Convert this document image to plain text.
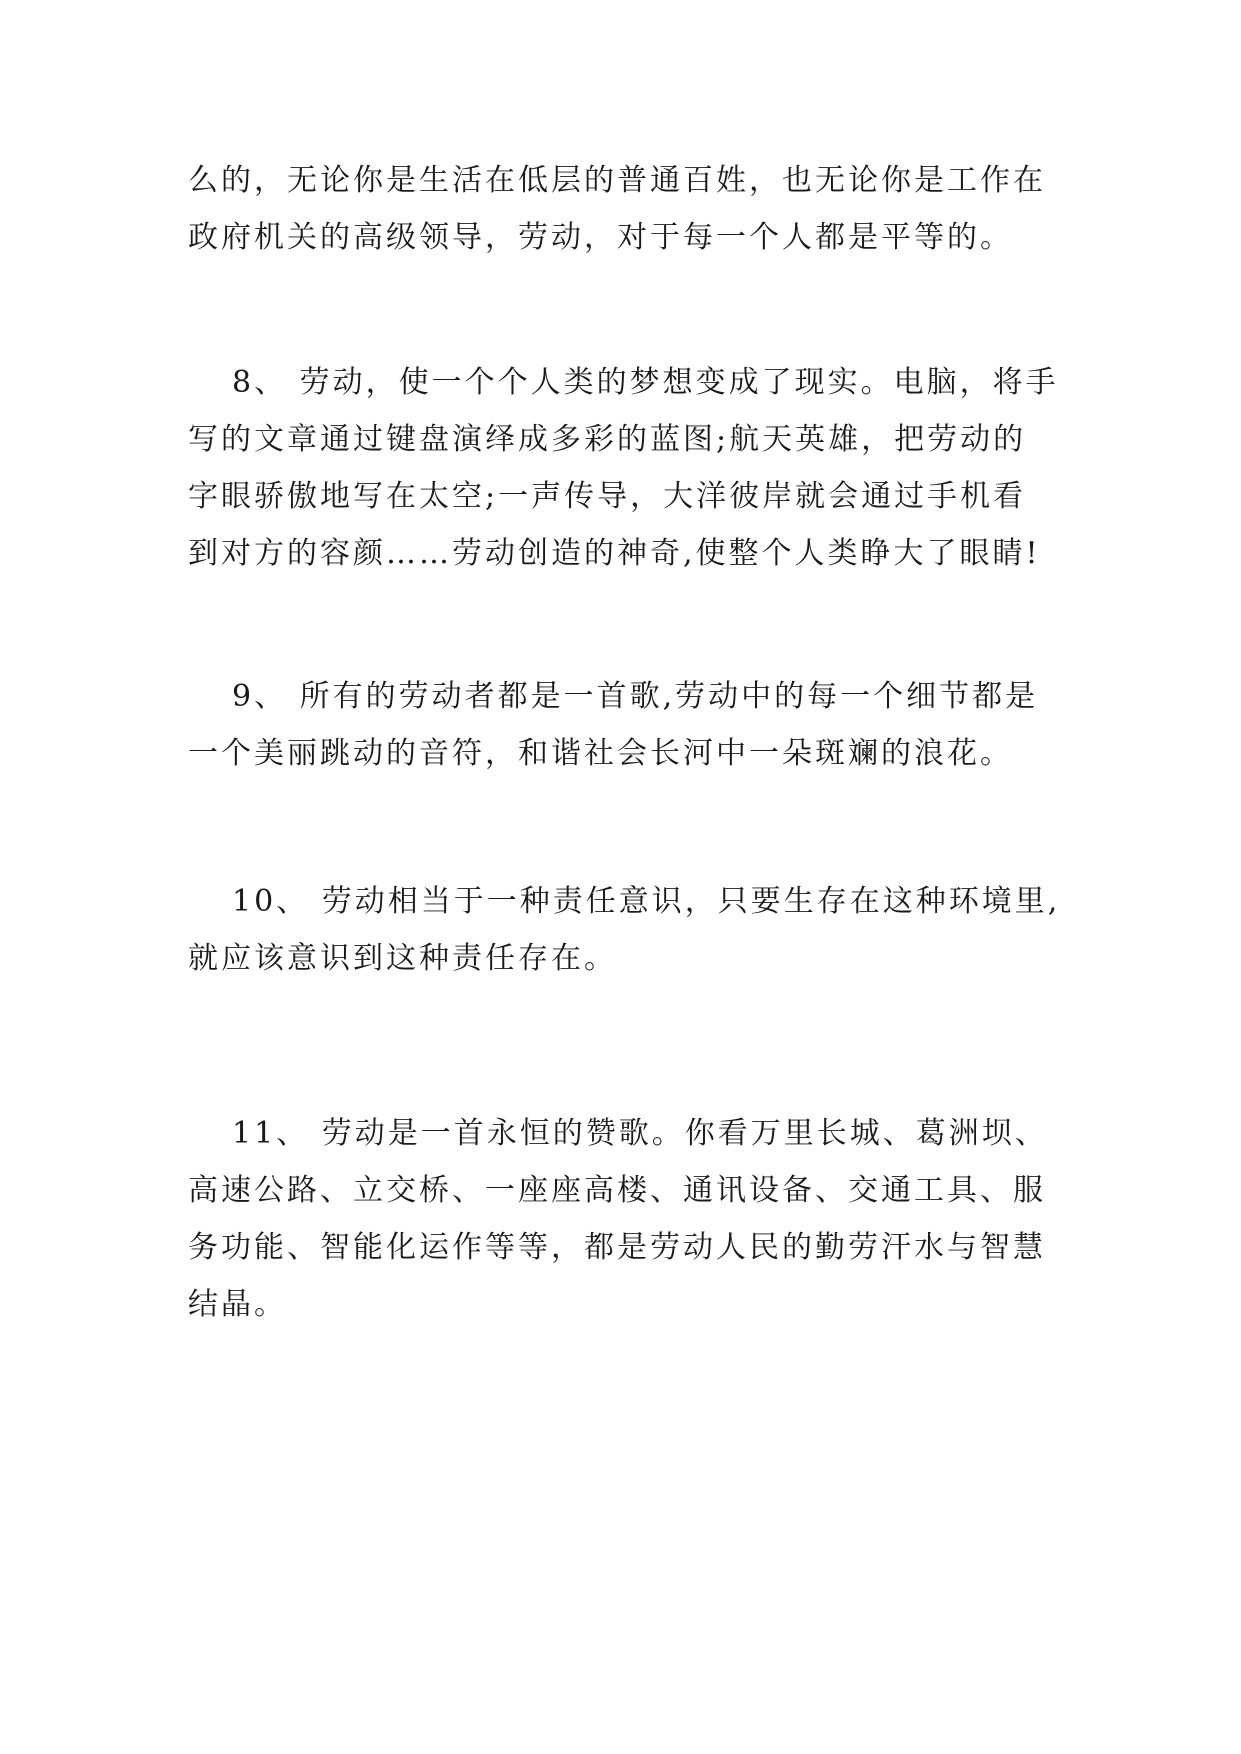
么的，无论你是生活在低层的普通百姓，也无论你是工作在
政府机关的高级领导，劳动，对于每一个人都是平等的。

8、 劳动，使一个个人类的梦想变成了现实。电脑，将手
写的文章通过键盘演绎成多彩的蓝图;航天英雄，把劳动的
字眼骄傲地写在太空;一声传导，大洋彼岸就会通过手机看
到对方的容颜……劳动创造的神奇,使整个人类睁大了眼睛!

9、 所有的劳动者都是一首歌,劳动中的每一个细节都是
一个美丽跳动的音符，和谐社会长河中一朵斑斓的浪花。

10、 劳动相当于一种责任意识，只要生存在这种环境里,
就应该意识到这种责任存在。

11、 劳动是一首永恒的赞歌。你看万里长城、葛洲坝、
高速公路、立交桥、一座座高楼、通讯设备、交通工具、服
务功能、智能化运作等等，都是劳动人民的勤劳汗水与智慧
结晶。
